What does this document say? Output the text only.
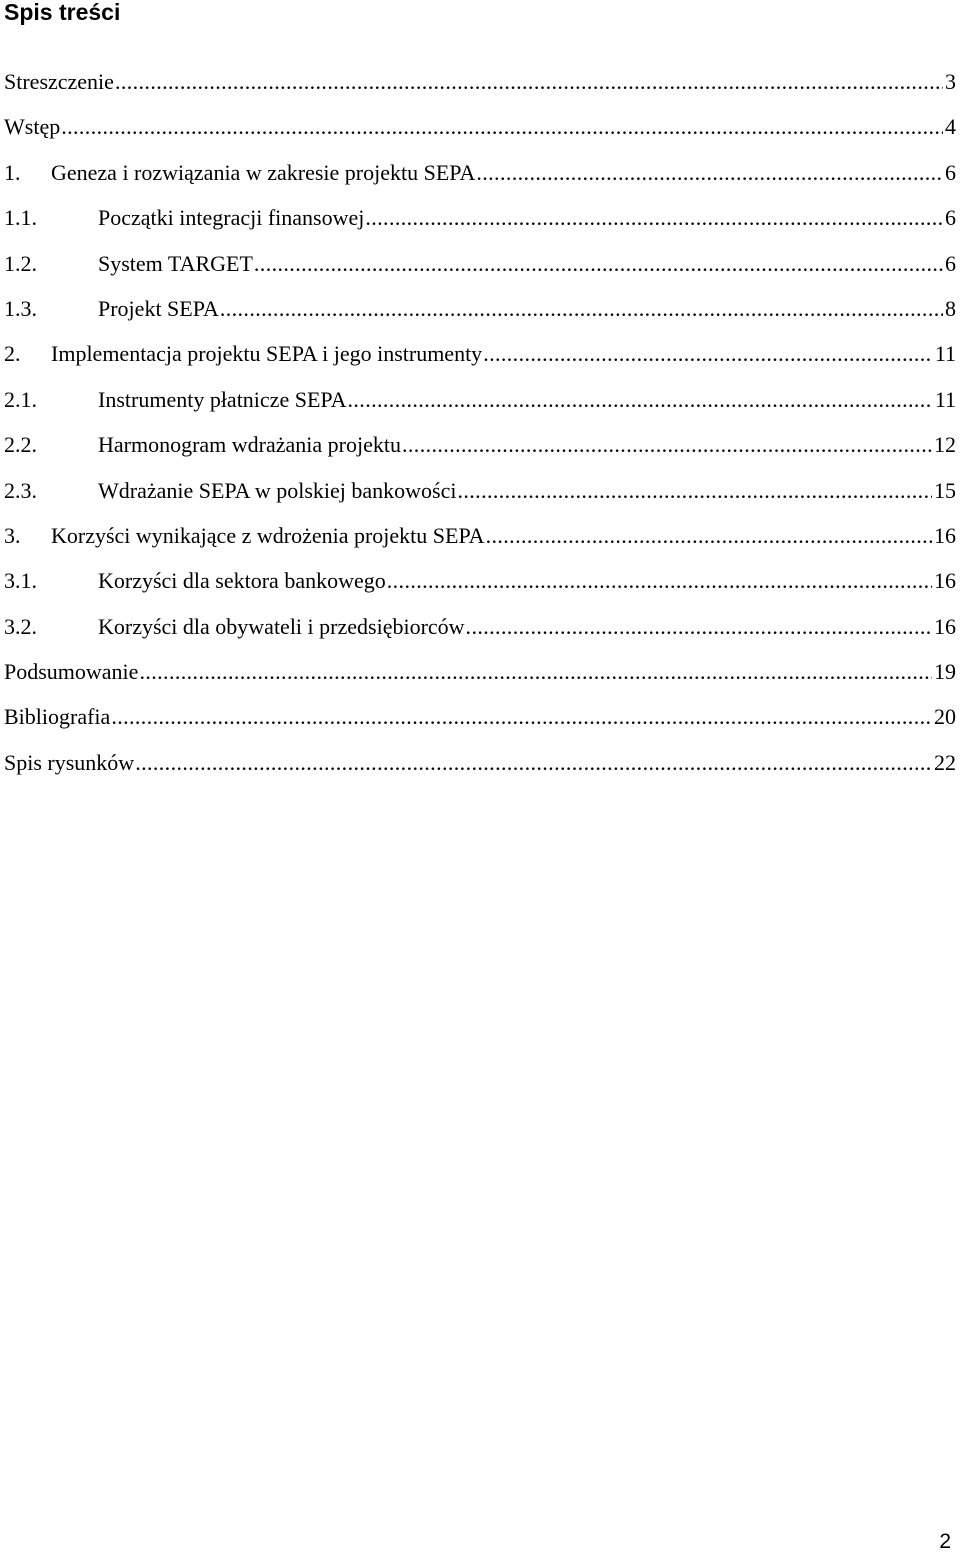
Spis treści
Streszczenie .....	3
Wstęp .....	4
1.	Geneza i rozwiązania w zakresie projektu SEPA .....	6
1.1.	Początki integracji finansowej .....	6
1.2.	System TARGET .....	6
1.3.	Projekt SEPA .....	8
2.	Implementacja projektu SEPA i jego instrumenty .....	11
2.1.	Instrumenty płatnicze SEPA .....	11
2.2.	Harmonogram wdrażania projektu .....	12
2.3.	Wdrażanie SEPA w polskiej bankowości .....	15
3.	Korzyści wynikające z wdrożenia projektu SEPA .....	16
3.1.	Korzyści dla sektora bankowego .....	16
3.2.	Korzyści dla obywateli i przedsiębiorców .....	16
Podsumowanie .....	19
Bibliografia .....	20
Spis rysunków .....	22
2
